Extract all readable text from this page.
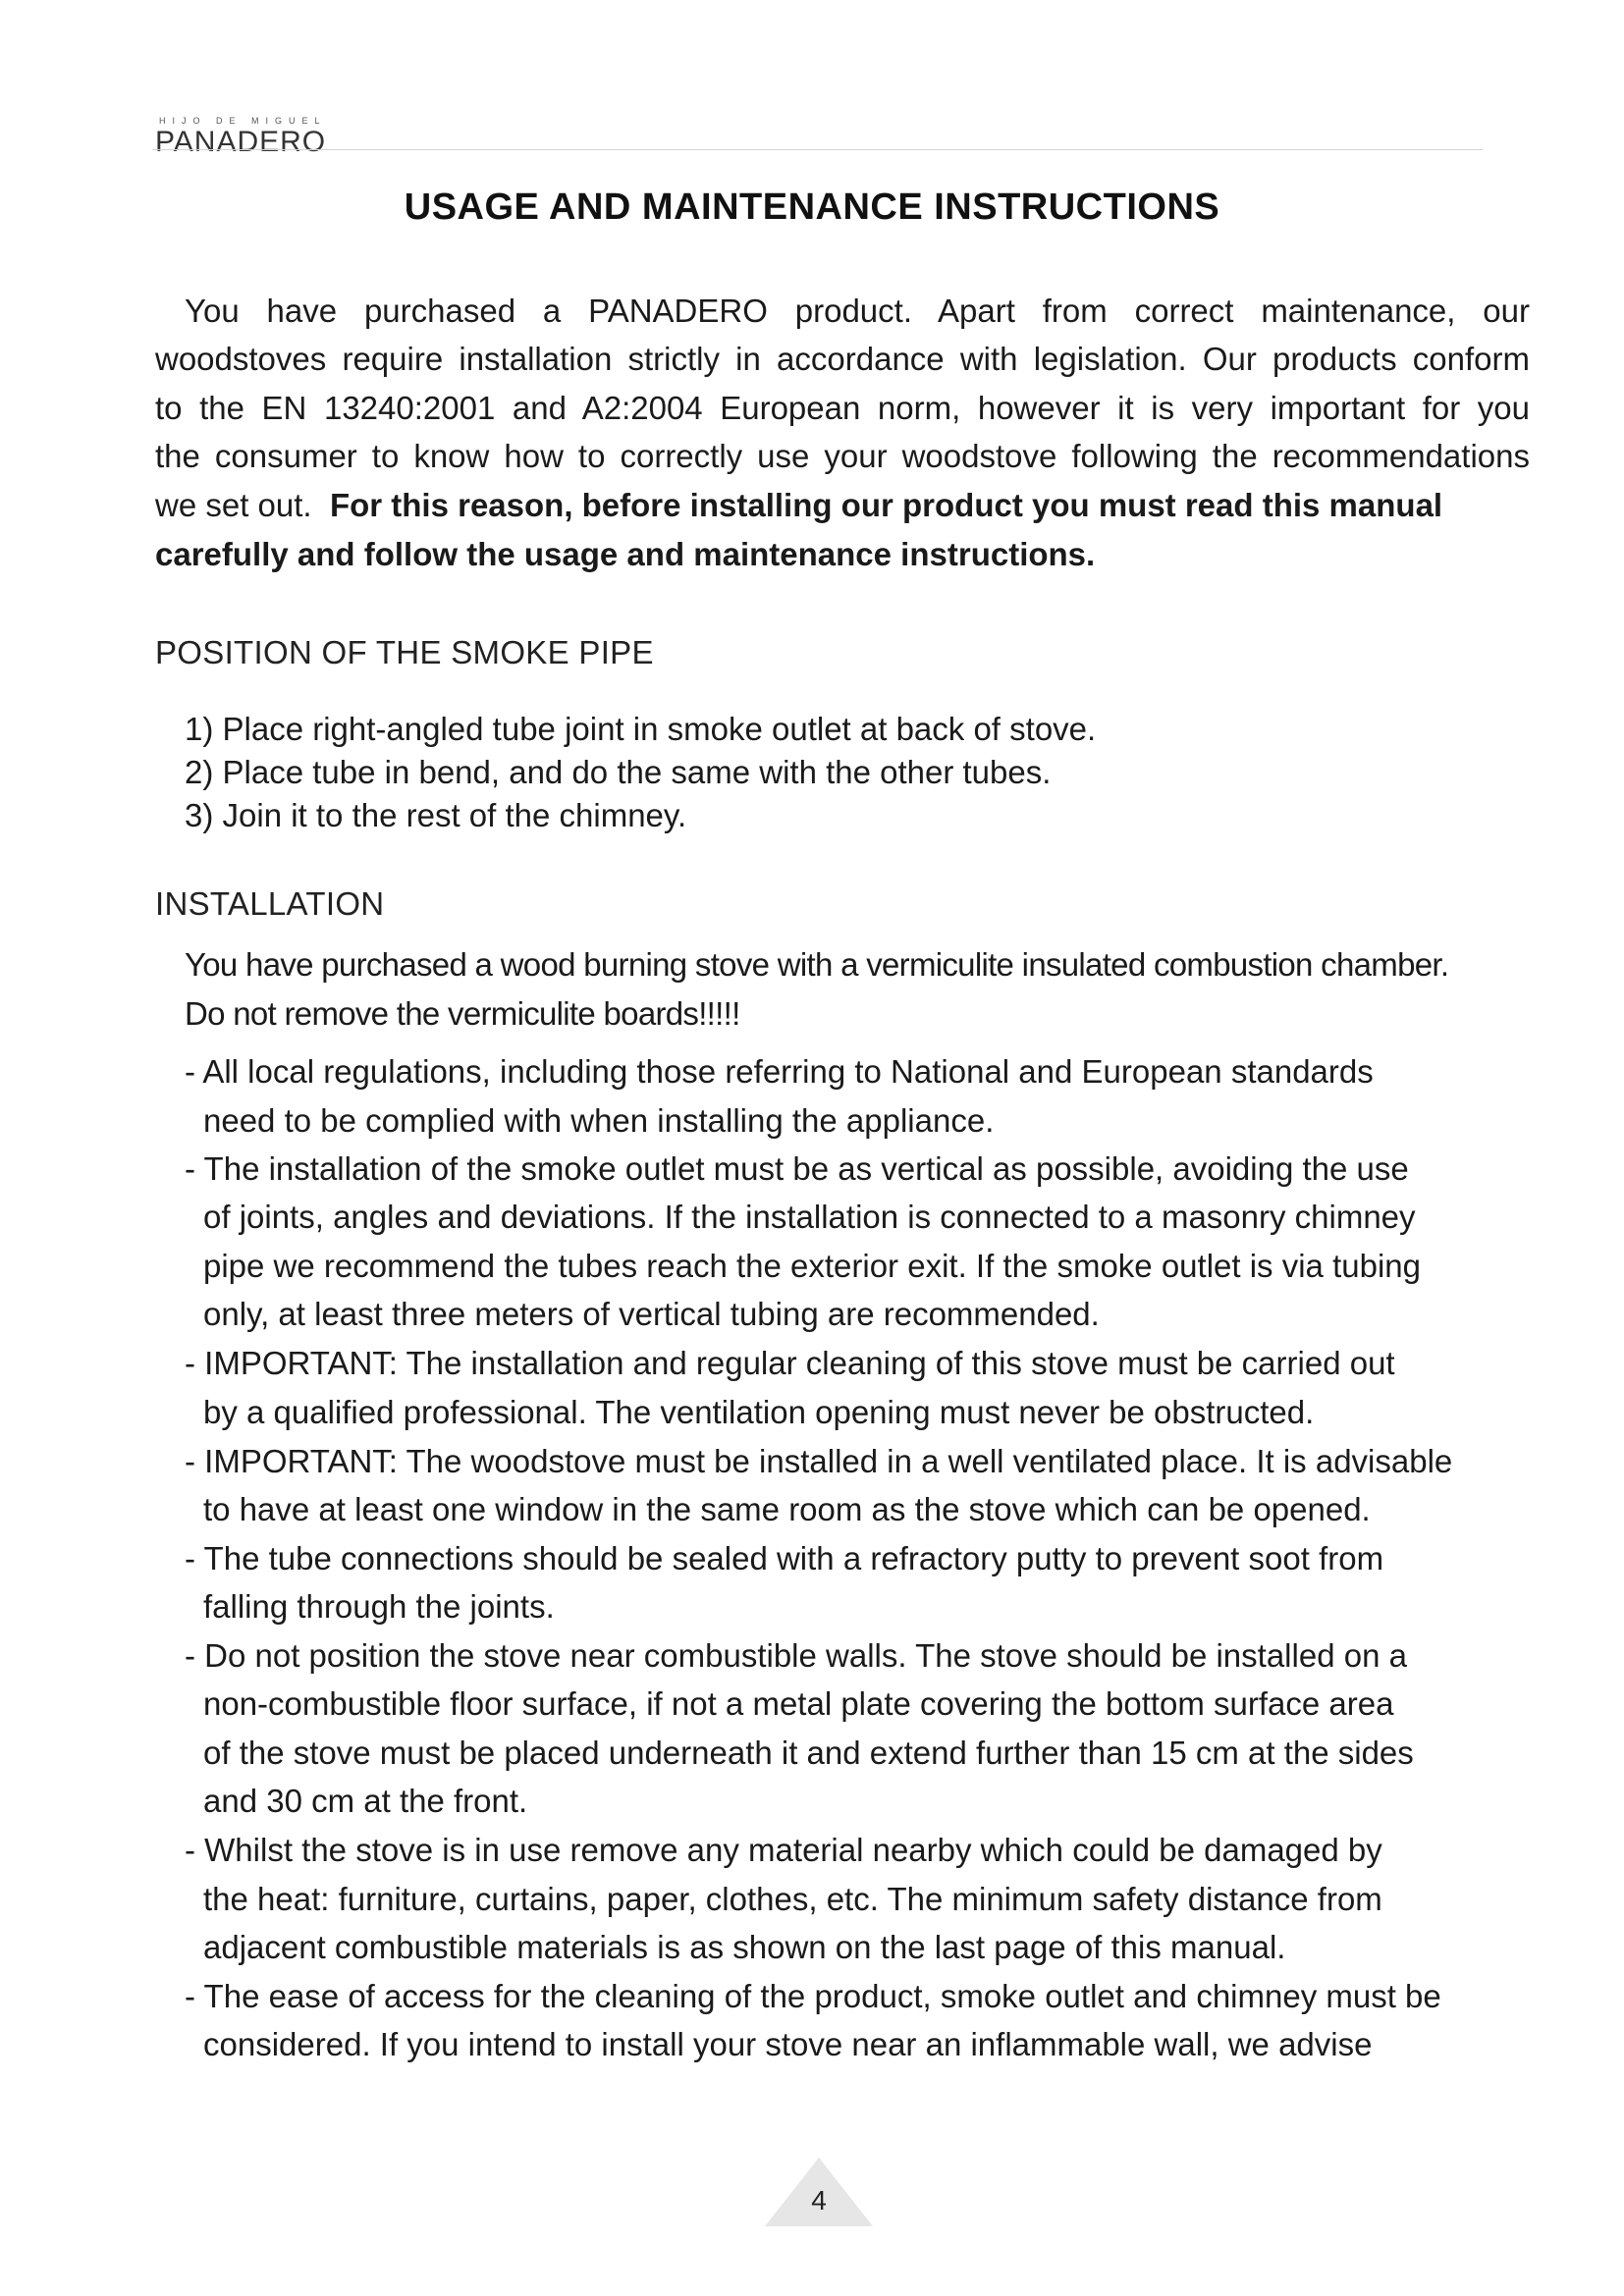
HIJO DE MIGUEL
PANADERO
USAGE AND MAINTENANCE INSTRUCTIONS
You have purchased a PANADERO product. Apart from correct maintenance, our
woodstoves require installation strictly in accordance with legislation. Our products conform
to the EN 13240:2001 and A2:2004 European norm, however it is very important for you
the consumer to know how to correctly use your woodstove following the recommendations
we set out. For this reason, before installing our product you must read this manual
carefully and follow the usage and maintenance instructions.
POSITION OF THE SMOKE PIPE
1) Place right-angled tube joint in smoke outlet at back of stove.
2) Place tube in bend, and do the same with the other tubes.
3) Join it to the rest of the chimney.
INSTALLATION
You have purchased a wood burning stove with a vermiculite insulated combustion chamber.
Do not remove the vermiculite boards!!!!!
- All local regulations, including those referring to National and European standards
need to be complied with when installing the appliance.
- The installation of the smoke outlet must be as vertical as possible, avoiding the use
of joints, angles and deviations. If the installation is connected to a masonry chimney
pipe we recommend the tubes reach the exterior exit. If the smoke outlet is via tubing
only, at least three meters of vertical tubing are recommended.
- IMPORTANT: The installation and regular cleaning of this stove must be carried out
by a qualified professional. The ventilation opening must never be obstructed.
- IMPORTANT: The woodstove must be installed in a well ventilated place. It is advisable
to have at least one window in the same room as the stove which can be opened.
- The tube connections should be sealed with a refractory putty to prevent soot from
falling through the joints.
- Do not position the stove near combustible walls. The stove should be installed on a
non-combustible floor surface, if not a metal plate covering the bottom surface area
of the stove must be placed underneath it and extend further than 15 cm at the sides
and 30 cm at the front.
- Whilst the stove is in use remove any material nearby which could be damaged by
the heat: furniture, curtains, paper, clothes, etc. The minimum safety distance from
adjacent combustible materials is as shown on the last page of this manual.
- The ease of access for the cleaning of the product, smoke outlet and chimney must be
considered. If you intend to install your stove near an inflammable wall, we advise
4
